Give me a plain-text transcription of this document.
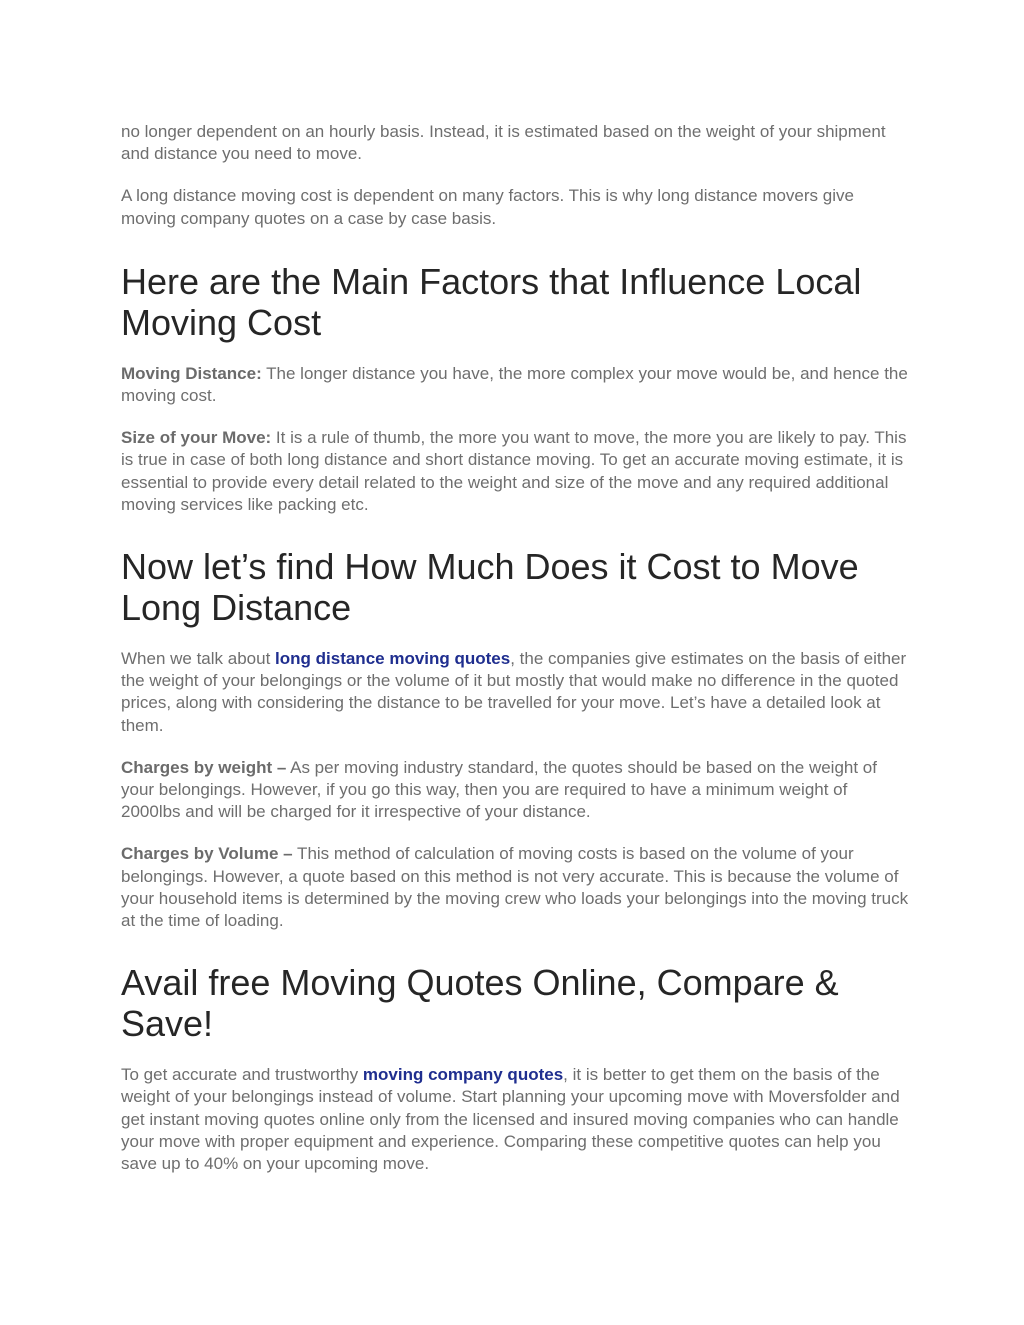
no longer dependent on an hourly basis. Instead, it is estimated based on the weight of your shipment and distance you need to move.

A long distance moving cost is dependent on many factors. This is why long distance movers give moving company quotes on a case by case basis.

Here are the Main Factors that Influence Local Moving Cost

Moving Distance: The longer distance you have, the more complex your move would be, and hence the moving cost.

Size of your Move: It is a rule of thumb, the more you want to move, the more you are likely to pay. This is true in case of both long distance and short distance moving. To get an accurate moving estimate, it is essential to provide every detail related to the weight and size of the move and any required additional moving services like packing etc.

Now let’s find How Much Does it Cost to Move Long Distance

When we talk about long distance moving quotes, the companies give estimates on the basis of either the weight of your belongings or the volume of it but mostly that would make no difference in the quoted prices, along with considering the distance to be travelled for your move. Let’s have a detailed look at them.

Charges by weight – As per moving industry standard, the quotes should be based on the weight of your belongings. However, if you go this way, then you are required to have a minimum weight of 2000lbs and will be charged for it irrespective of your distance.

Charges by Volume – This method of calculation of moving costs is based on the volume of your belongings. However, a quote based on this method is not very accurate. This is because the volume of your household items is determined by the moving crew who loads your belongings into the moving truck at the time of loading.

Avail free Moving Quotes Online, Compare & Save!

To get accurate and trustworthy moving company quotes, it is better to get them on the basis of the weight of your belongings instead of volume. Start planning your upcoming move with Moversfolder and get instant moving quotes online only from the licensed and insured moving companies who can handle your move with proper equipment and experience. Comparing these competitive quotes can help you save up to 40% on your upcoming move.
